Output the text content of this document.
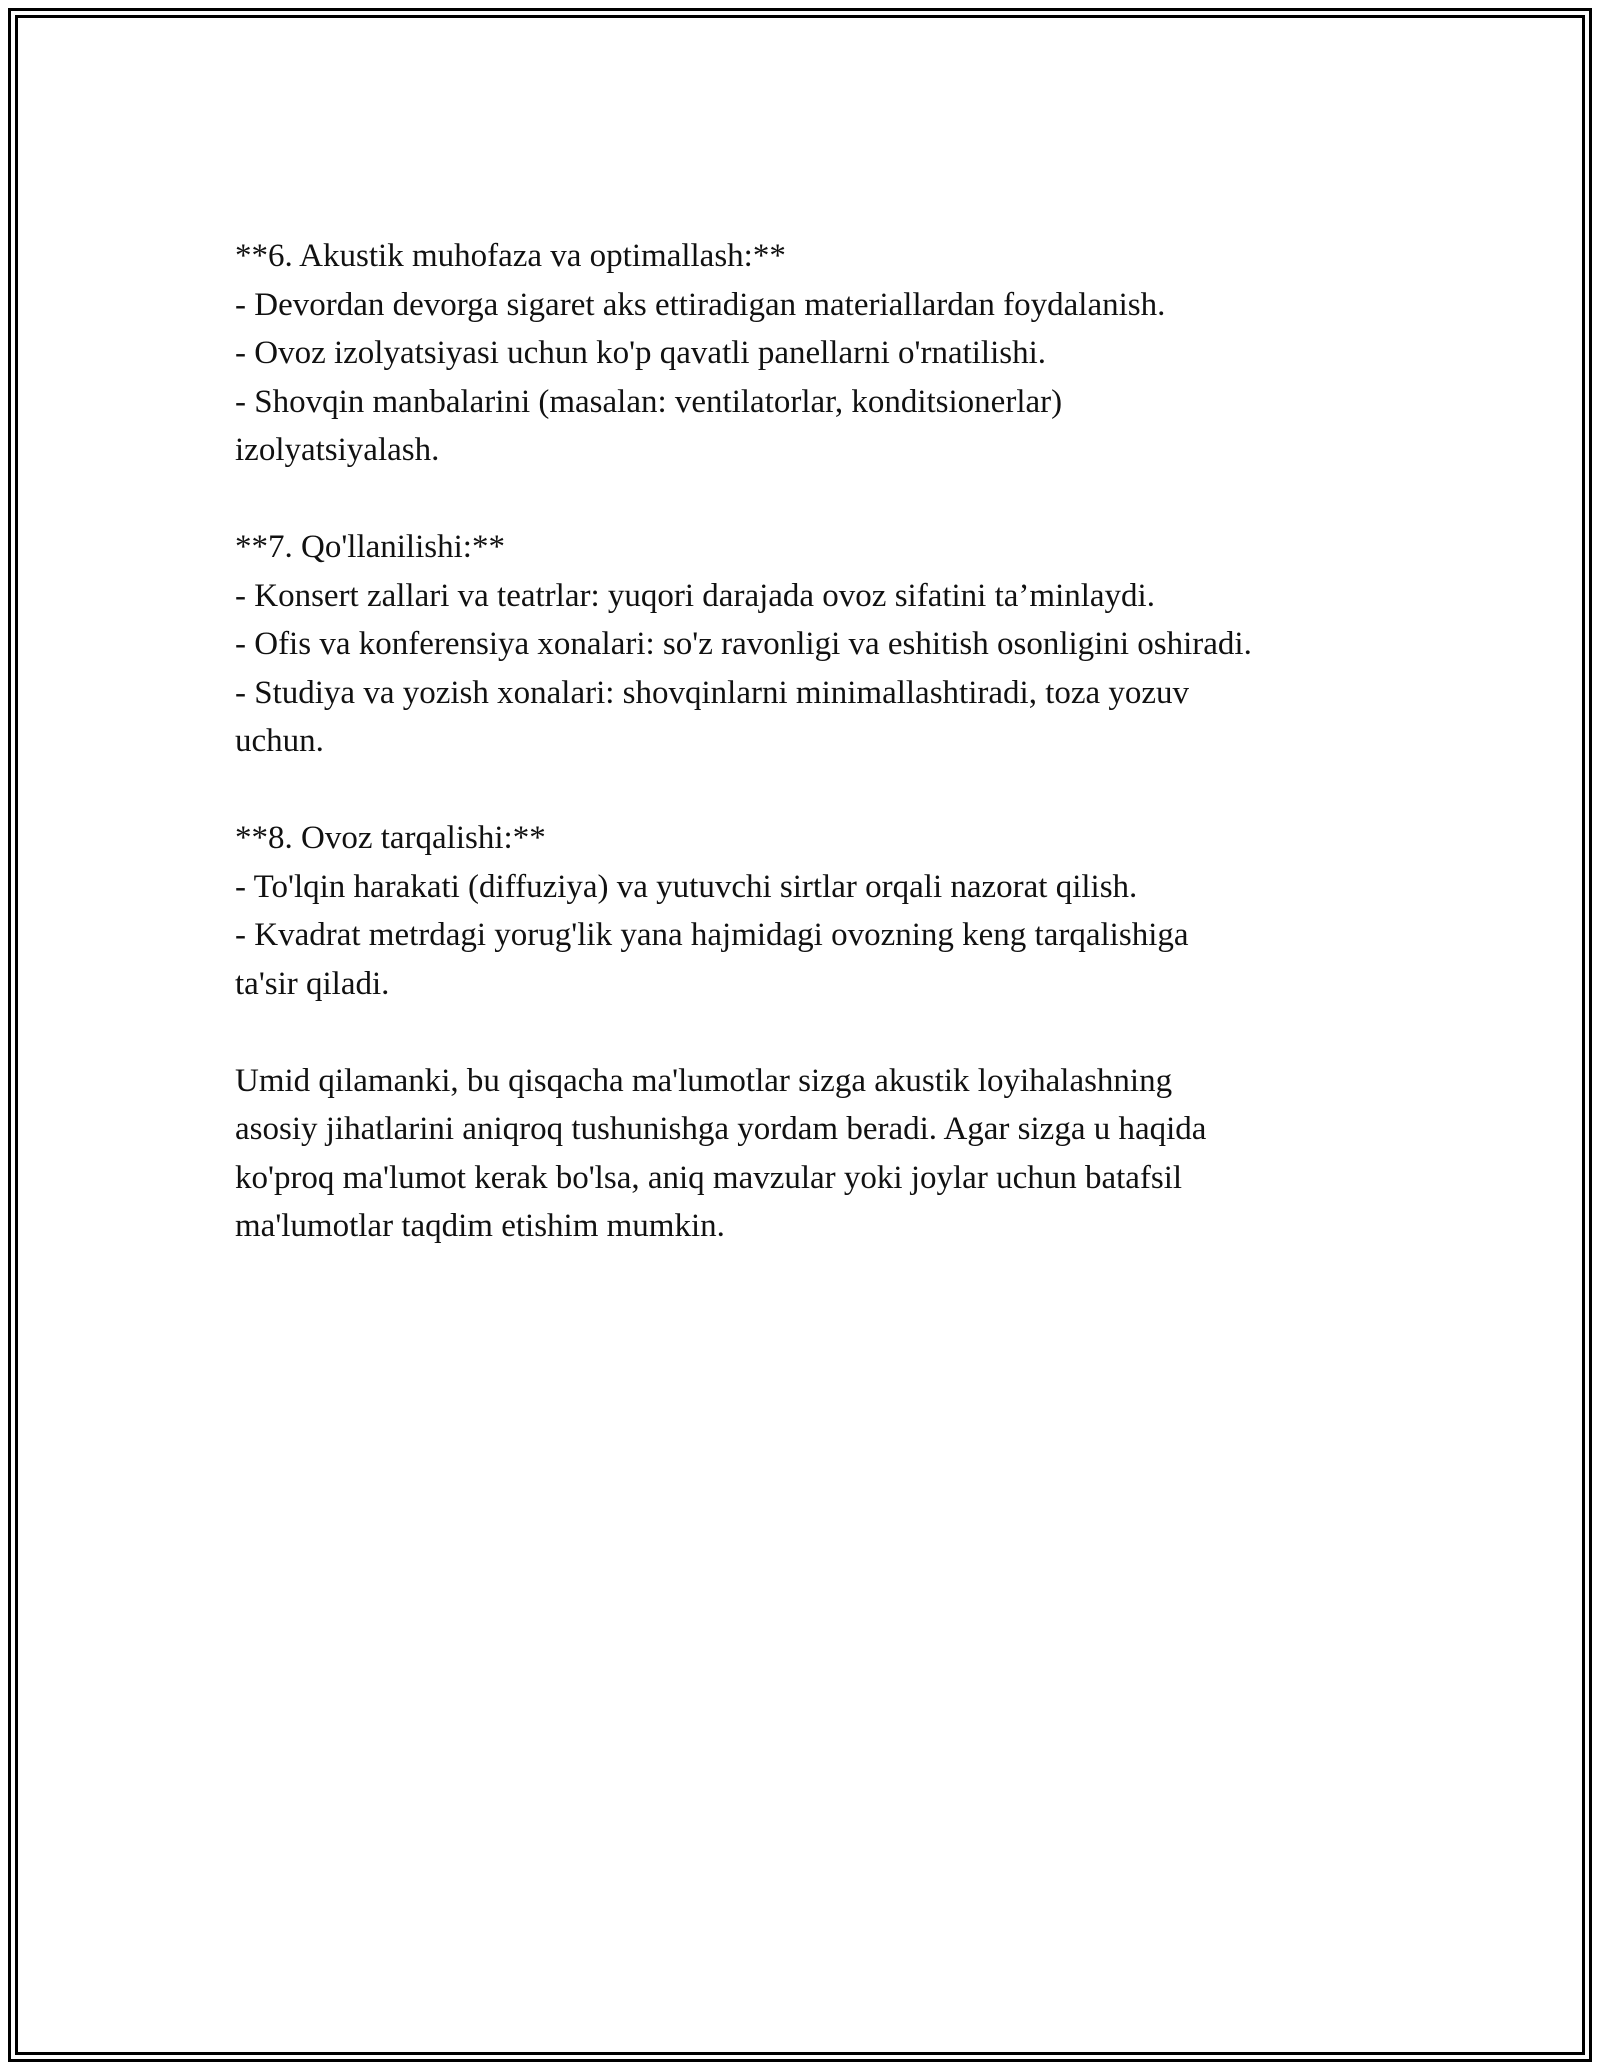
**6. Akustik muhofaza va optimallash:**
- Devordan devorga sigaret aks ettiradigan materiallardan foydalanish.
- Ovoz izolyatsiyasi uchun ko'p qavatli panellarni o'rnatilishi.
- Shovqin manbalarini (masalan: ventilatorlar, konditsionerlar)
izolyatsiyalash.
**7. Qo'llanilishi:**
- Konsert zallari va teatrlar: yuqori darajada ovoz sifatini ta’minlaydi.
- Ofis va konferensiya xonalari: so'z ravonligi va eshitish osonligini oshiradi.
- Studiya va yozish xonalari: shovqinlarni minimallashtiradi, toza yozuv
uchun.
**8. Ovoz tarqalishi:**
- To'lqin harakati (diffuziya) va yutuvchi sirtlar orqali nazorat qilish.
- Kvadrat metrdagi yorug'lik yana hajmidagi ovozning keng tarqalishiga
ta'sir qiladi.
Umid qilamanki, bu qisqacha ma'lumotlar sizga akustik loyihalashning
asosiy jihatlarini aniqroq tushunishga yordam beradi. Agar sizga u haqida
ko'proq ma'lumot kerak bo'lsa, aniq mavzular yoki joylar uchun batafsil
ma'lumotlar taqdim etishim mumkin.
